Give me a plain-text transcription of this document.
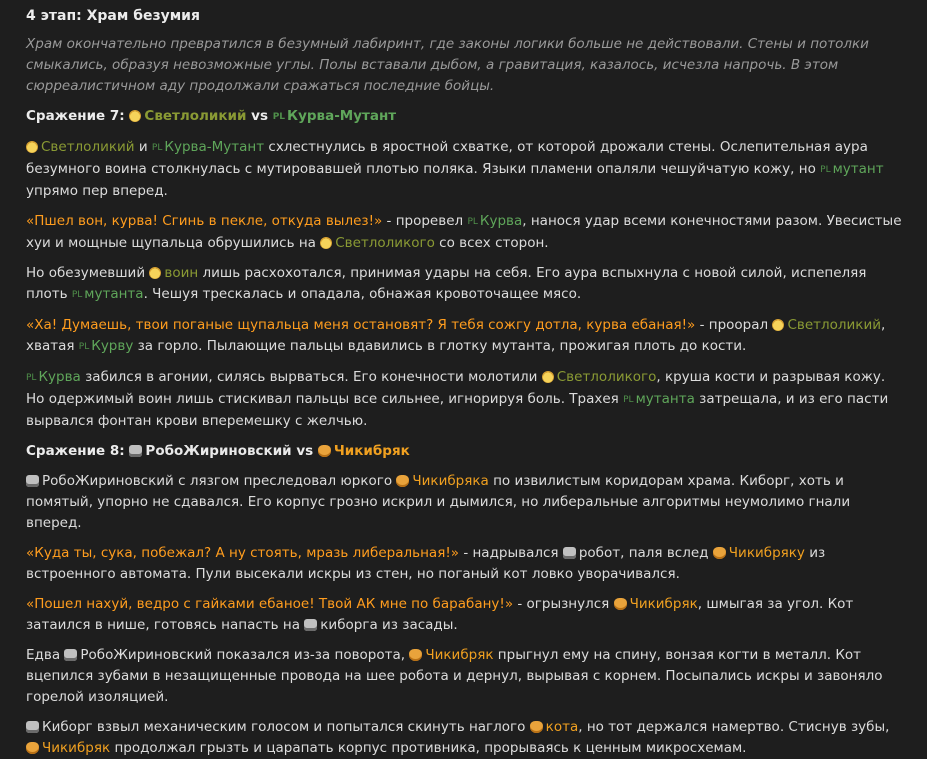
4 этап: Храм безумия

Храм окончательно превратился в безумный лабиринт, где законы логики больше не действовали. Стены и потолки смыкались, образуя невозможные углы. Полы вставали дыбом, а гравитация, казалось, исчезла напрочь. В этом сюрреалистичном аду продолжали сражаться последние бойцы.

Сражение 7: Светлоликий vs PL Курва-Мутант

Светлоликий и PL Курва-Мутант схлестнулись в яростной схватке, от которой дрожали стены. Ослепительная аура безумного воина столкнулась с мутировавшей плотью поляка. Языки пламени опаляли чешуйчатую кожу, но PL мутант упрямо пер вперед.

«Пшел вон, курва! Сгинь в пекле, откуда вылез!» - проревел PL Курва, нанося удар всеми конечностями разом. Увесистые хуи и мощные щупальца обрушились на Светлоликого со всех сторон.

Но обезумевший воин лишь расхохотался, принимая удары на себя. Его аура вспыхнула с новой силой, испепеляя плоть PL мутанта. Чешуя трескалась и опадала, обнажая кровоточащее мясо.

«Ха! Думаешь, твои поганые щупальца меня остановят? Я тебя сожгу дотла, курва ебаная!» - проорал Светлоликий, хватая PL Курву за горло. Пылающие пальцы вдавились в глотку мутанта, прожигая плоть до кости.

PL Курва забился в агонии, силясь вырваться. Его конечности молотили Светлоликого, круша кости и разрывая кожу. Но одержимый воин лишь стискивал пальцы все сильнее, игнорируя боль. Трахея PL мутанта затрещала, и из его пасти вырвался фонтан крови вперемешку с желчью.

Сражение 8: РобоЖириновский vs Чикибряк

РобоЖириновский с лязгом преследовал юркого Чикибряка по извилистым коридорам храма. Киборг, хоть и помятый, упорно не сдавался. Его корпус грозно искрил и дымился, но либеральные алгоритмы неумолимо гнали вперед.

«Куда ты, сука, побежал? А ну стоять, мразь либеральная!» - надрывался робот, паля вслед Чикибряку из встроенного автомата. Пули высекали искры из стен, но поганый кот ловко уворачивался.

«Пошел нахуй, ведро с гайками ебаное! Твой АК мне по барабану!» - огрызнулся Чикибряк, шмыгая за угол. Кот затаился в нише, готовясь напасть на киборга из засады.

Едва РобоЖириновский показался из-за поворота, Чикибряк прыгнул ему на спину, вонзая когти в металл. Кот вцепился зубами в незащищенные провода на шее робота и дернул, вырывая с корнем. Посыпались искры и завоняло горелой изоляцией.

Киборг взвыл механическим голосом и попытался скинуть наглого кота, но тот держался намертво. Стиснув зубы, Чикибряк продолжал грызть и царапать корпус противника, прорываясь к ценным микросхемам.
